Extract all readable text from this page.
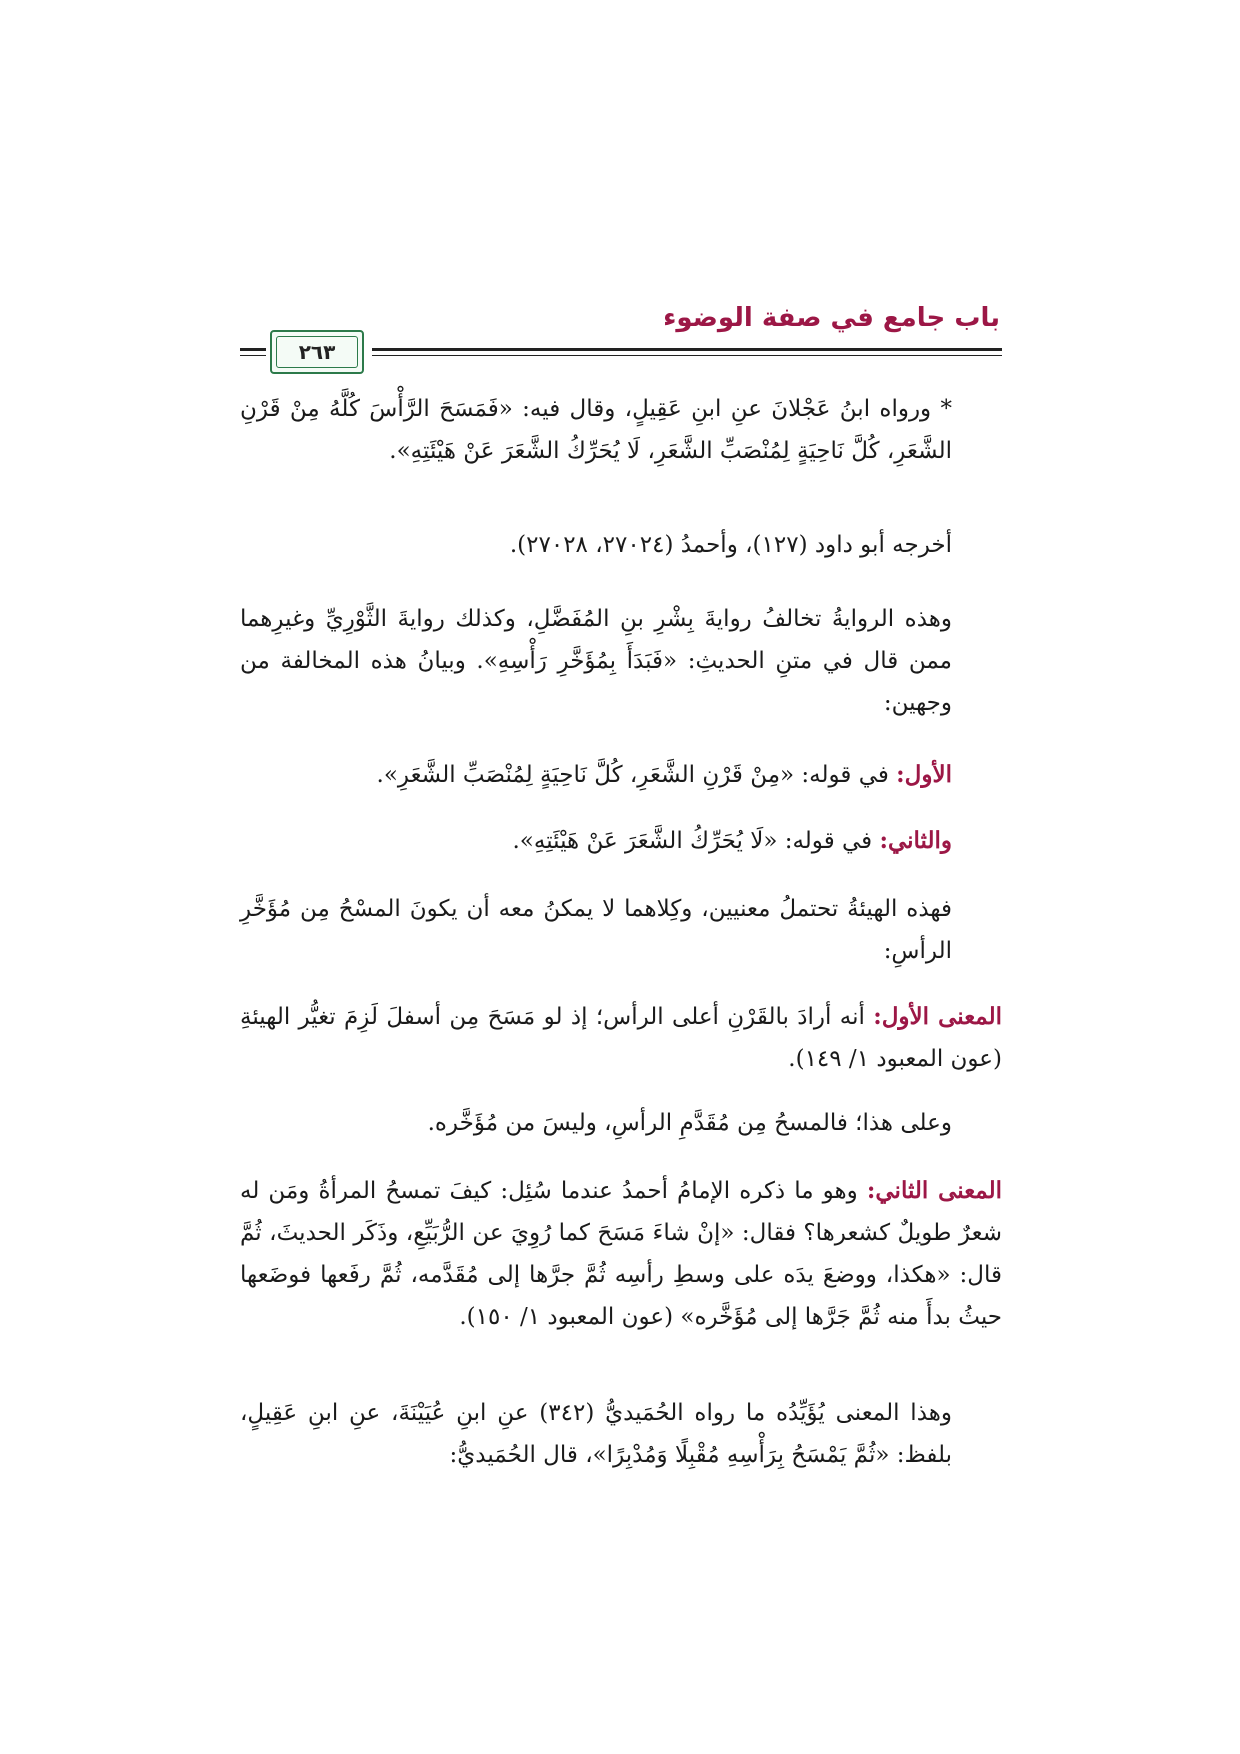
باب جامع في صفة الوضوء
٢٦٣

* ورواه ابنُ عَجْلانَ عنِ ابنِ عَقِيلٍ، وقال فيه: «فَمَسَحَ الرَّأْسَ كُلَّهُ مِنْ قَرْنِ الشَّعَرِ، كُلَّ نَاحِيَةٍ لِمُنْصَبِّ الشَّعَرِ، لَا يُحَرِّكُ الشَّعَرَ عَنْ هَيْئَتِهِ».

أخرجه أبو داود (١٢٧)، وأحمدُ (٢٧٠٢٤، ٢٧٠٢٨).

وهذه الروايةُ تخالفُ روايةَ بِشْرِ بنِ المُفَضَّلِ، وكذلك روايةَ الثَّوْرِيِّ وغيرِهما ممن قال في متنِ الحديثِ: «فَبَدَأَ بِمُؤَخَّرِ رَأْسِهِ». وبيانُ هذه المخالفة من وجهين:

الأول: في قوله: «مِنْ قَرْنِ الشَّعَرِ، كُلَّ نَاحِيَةٍ لِمُنْصَبِّ الشَّعَرِ».

والثاني: في قوله: «لَا يُحَرِّكُ الشَّعَرَ عَنْ هَيْئَتِهِ».

فهذه الهيئةُ تحتملُ معنيين، وكِلاهما لا يمكنُ معه أن يكونَ المسْحُ مِن مُؤَخَّرِ الرأسِ:

المعنى الأول: أنه أرادَ بالقَرْنِ أعلى الرأس؛ إذ لو مَسَحَ مِن أسفلَ لَزِمَ تغيُّر الهيئةِ (عون المعبود ١/ ١٤٩).

وعلى هذا؛ فالمسحُ مِن مُقَدَّمِ الرأسِ، وليسَ من مُؤَخَّره.

المعنى الثاني: وهو ما ذكره الإمامُ أحمدُ عندما سُئِل: كيفَ تمسحُ المرأةُ ومَن له شعرٌ طويلٌ كشعرها؟ فقال: «إنْ شاءَ مَسَحَ كما رُوِيَ عن الرُّبَيِّعِ، وذَكَر الحديثَ، ثُمَّ قال: «هكذا، ووضعَ يدَه على وسطِ رأسِه ثُمَّ جرَّها إلى مُقَدَّمه، ثُمَّ رفَعها فوضَعها حيثُ بدأَ منه ثُمَّ جَرَّها إلى مُؤَخَّره» (عون المعبود ١/ ١٥٠).

وهذا المعنى يُؤَيِّدُه ما رواه الحُمَيديُّ (٣٤٢) عنِ ابنِ عُيَيْنَةَ، عنِ ابنِ عَقِيلٍ، بلفظ: «ثُمَّ يَمْسَحُ بِرَأْسِهِ مُقْبِلًا وَمُدْبِرًا»، قال الحُمَيديُّ:
